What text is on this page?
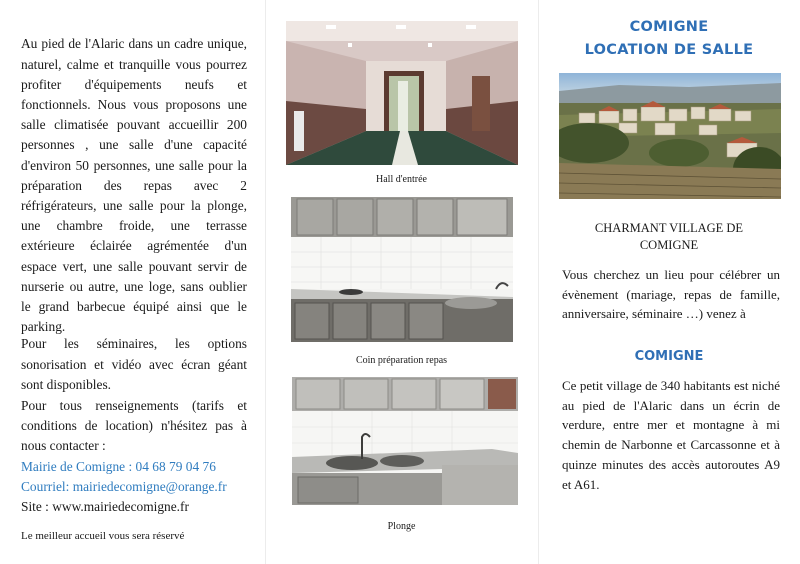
Au pied de l'Alaric dans un cadre unique, naturel, calme et tranquille vous pourrez profiter d'équipements neufs et fonctionnels. Nous vous proposons une salle climatisée pouvant accueillir 200 personnes , une salle d'une capacité d'environ 50 personnes, une salle pour la préparation des repas avec 2 réfrigérateurs, une salle pour la plonge, une chambre froide, une terrasse extérieure éclairée agrémentée d'un espace vert, une salle pouvant servir de nurserie ou autre, une loge, sans oublier le grand barbecue équipé ainsi que le parking.

Pour les séminaires, les options sonorisation et vidéo avec écran géant sont disponibles.

Pour tous renseignements (tarifs et conditions de location) n'hésitez pas à nous contacter :
Mairie de Comigne : 04 68 79 04 76
Courriel: mairiedecomigne@orange.fr
Site : www.mairiedecomigne.fr
Le meilleur accueil vous sera réservé
Hall d'entrée
Coin préparation repas
Plonge
COMIGNE
LOCATION DE SALLE
CHARMANT VILLAGE DE
COMIGNE

Vous cherchez un lieu pour célébrer un évènement (mariage, repas de famille, anniversaire, séminaire …) venez à

COMIGNE

Ce petit village de 340 habitants est niché au pied de l'Alaric dans un écrin de verdure, entre mer et montagne à mi chemin de Narbonne et Carcassonne et à quinze minutes des accès autoroutes A9 et A61.
